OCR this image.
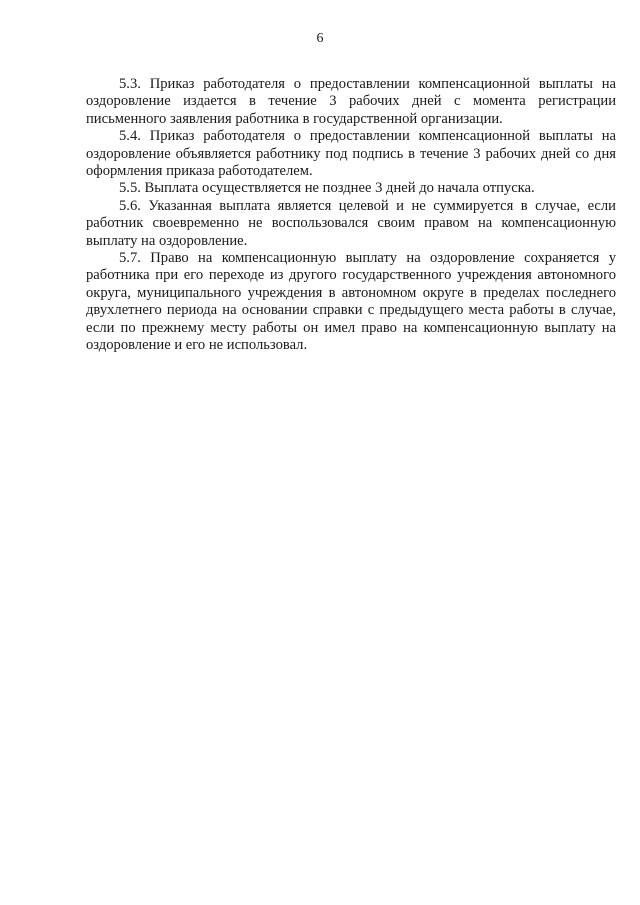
6

5.3. Приказ работодателя о предоставлении компенсационной выплаты на оздоровление издается в течение 3 рабочих дней с момента регистрации письменного заявления работника в государственной организации.

5.4. Приказ работодателя о предоставлении компенсационной выплаты на оздоровление объявляется работнику под подпись в течение 3 рабочих дней со дня оформления приказа работодателем.

5.5. Выплата осуществляется не позднее 3 дней до начала отпуска.

5.6. Указанная выплата является целевой и не суммируется в случае, если работник своевременно не воспользовался своим правом на компенсационную выплату на оздоровление.

5.7. Право на компенсационную выплату на оздоровление сохраняется у работника при его переходе из другого государственного учреждения автономного округа, муниципального учреждения в автономном округе в пределах последнего двухлетнего периода на основании справки с предыдущего места работы в случае, если по прежнему месту работы он имел право на компенсационную выплату на оздоровление и его не использовал.
